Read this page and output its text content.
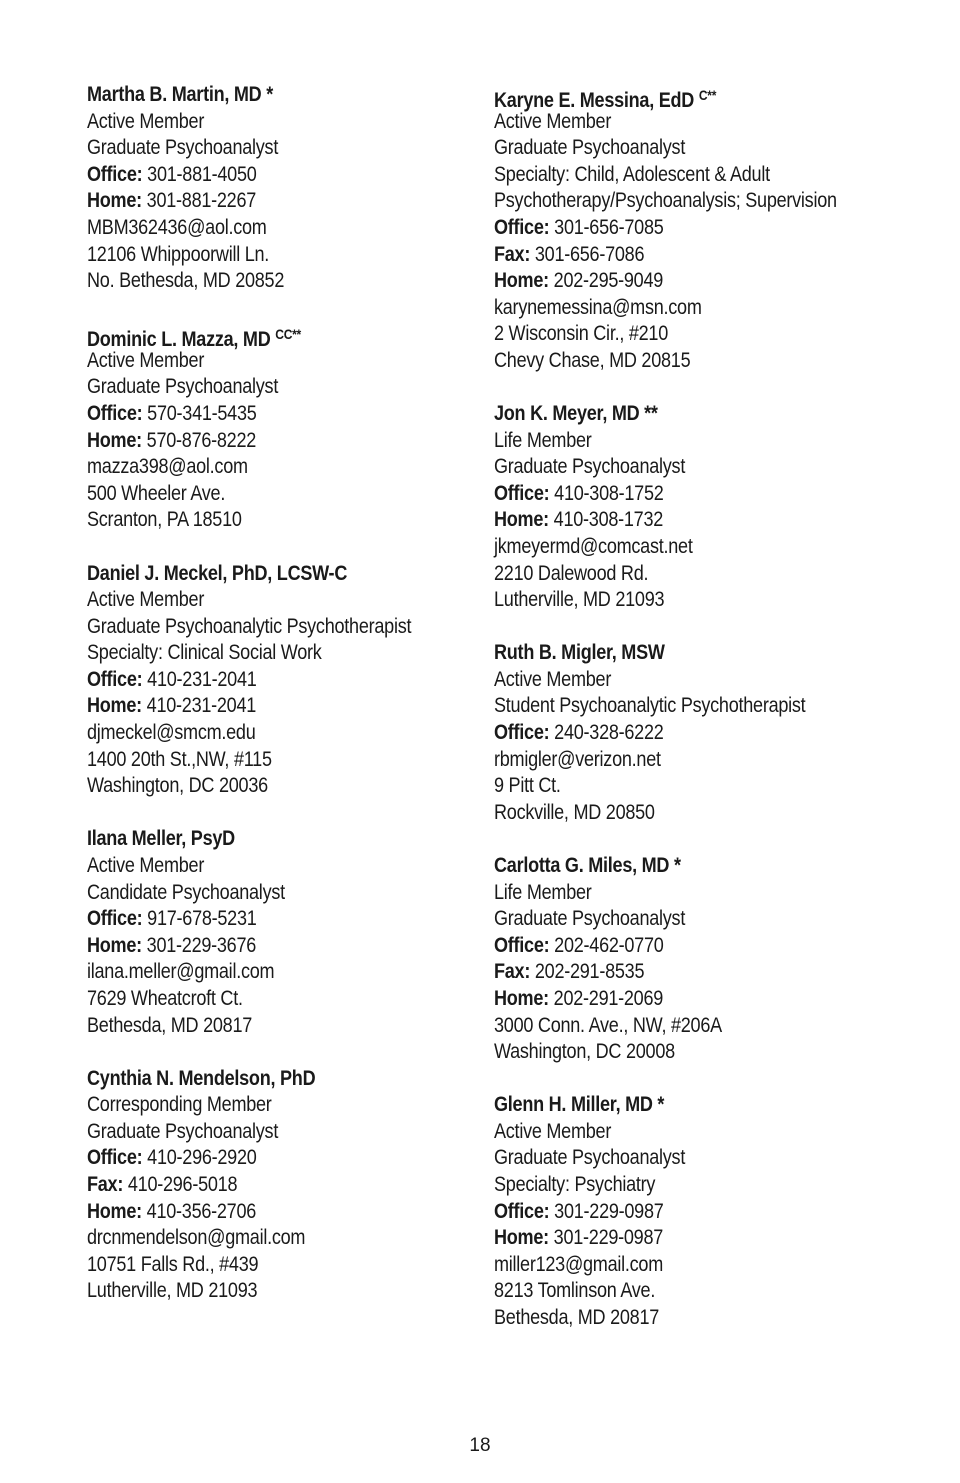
Martha B. Martin, MD *
Active Member
Graduate Psychoanalyst
Office: 301-881-4050
Home: 301-881-2267
MBM362436@aol.com
12106 Whippoorwill Ln.
No. Bethesda, MD 20852
Dominic L. Mazza, MD $^{CC**}$
Active Member
Graduate Psychoanalyst
Office: 570-341-5435
Home: 570-876-8222
mazza398@aol.com
500 Wheeler Ave.
Scranton, PA 18510
Daniel J. Meckel, PhD, LCSW-C
Active Member
Graduate Psychoanalytic Psychotherapist
Specialty: Clinical Social Work
Office: 410-231-2041
Home: 410-231-2041
djmeckel@smcm.edu
1400 20th St.,NW, #115
Washington, DC 20036
Ilana Meller, PsyD
Active Member
Candidate Psychoanalyst
Office: 917-678-5231
Home: 301-229-3676
ilana.meller@gmail.com
7629 Wheatcroft Ct.
Bethesda, MD 20817
Cynthia N. Mendelson, PhD
Corresponding Member
Graduate Psychoanalyst
Office: 410-296-2920
Fax: 410-296-5018
Home: 410-356-2706
drcnmendelson@gmail.com
10751 Falls Rd., #439
Lutherville, MD 21093
Karyne E. Messina, EdD $^{C**}$
Active Member
Graduate Psychoanalyst
Specialty: Child, Adolescent & Adult
Psychotherapy/Psychoanalysis; Supervision
Office: 301-656-7085
Fax: 301-656-7086
Home: 202-295-9049
karynemessina@msn.com
2 Wisconsin Cir., #210
Chevy Chase, MD 20815
Jon K. Meyer, MD **
Life Member
Graduate Psychoanalyst
Office: 410-308-1752
Home: 410-308-1732
jkmeyermd@comcast.net
2210 Dalewood Rd.
Lutherville, MD 21093
Ruth B. Migler, MSW
Active Member
Student Psychoanalytic Psychotherapist
Office: 240-328-6222
rbmigler@verizon.net
9 Pitt Ct.
Rockville, MD 20850
Carlotta G. Miles, MD *
Life Member
Graduate Psychoanalyst
Office: 202-462-0770
Fax: 202-291-8535
Home: 202-291-2069
3000 Conn. Ave., NW, #206A
Washington, DC 20008
Glenn H. Miller, MD *
Active Member
Graduate Psychoanalyst
Specialty: Psychiatry
Office: 301-229-0987
Home: 301-229-0987
miller123@gmail.com
8213 Tomlinson Ave.
Bethesda, MD 20817
18
